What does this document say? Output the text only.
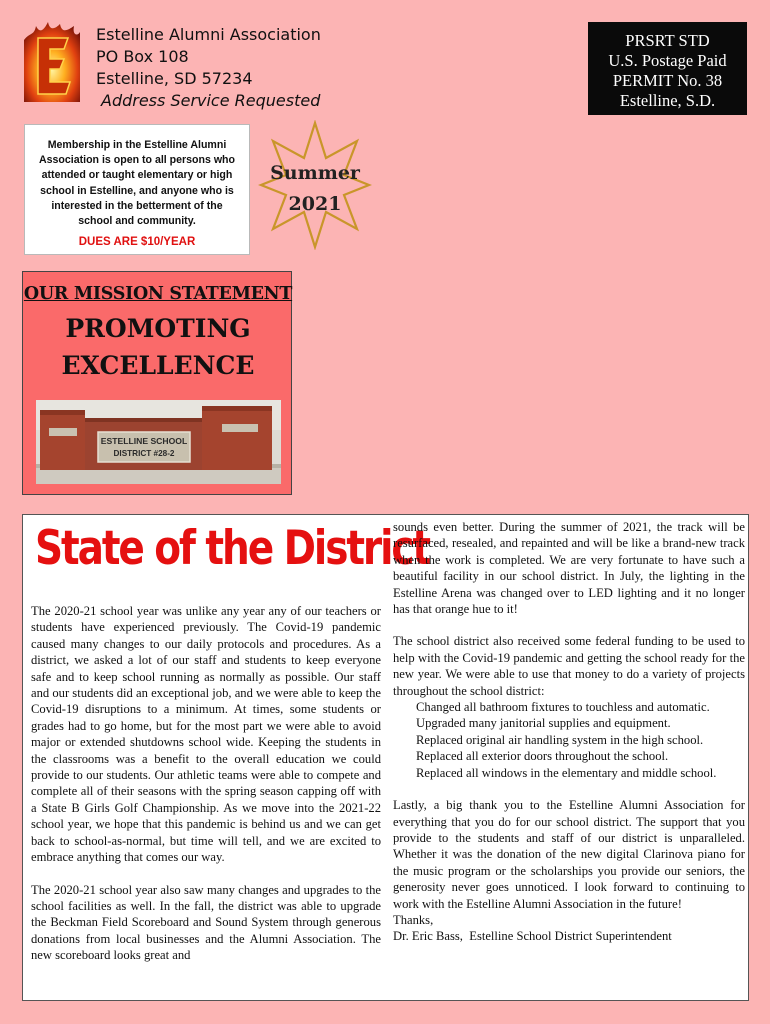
Estelline Alumni Association
PO Box 108
Estelline, SD 57234
Address Service Requested
PRSRT STD
U.S. Postage Paid
PERMIT No. 38
Estelline, S.D.
Membership in the Estelline Alumni Association is open to all persons who attended or taught elementary or high school in Estelline, and anyone who is interested in the betterment of the school and community.
DUES ARE $10/YEAR
Summer
2021
OUR MISSION STATEMENT
PROMOTING
EXCELLENCE
ESTELLINE SCHOOL
DISTRICT #28-2
State of the District

The 2020-21 school year was unlike any year any of our teachers or students have experienced previously. The Covid-19 pandemic caused many changes to our daily protocols and procedures. As a district, we asked a lot of our staff and students to keep everyone safe and to keep school running as normally as possible. Our staff and our students did an exceptional job, and we were able to keep the Covid-19 disruptions to a minimum. At times, some students or grades had to go home, but for the most part we were able to avoid major or extended shutdowns school wide. Keeping the students in the classrooms was a benefit to the overall education we could provide to our students. Our athletic teams were able to compete and complete all of their seasons with the spring season capping off with a State B Girls Golf Championship. As we move into the 2021-22 school year, we hope that this pandemic is behind us and we can get back to school-as-normal, but time will tell, and we are excited to embrace anything that comes our way.

The 2020-21 school year also saw many changes and upgrades to the school facilities as well. In the fall, the district was able to upgrade the Beckman Field Scoreboard and Sound System through generous donations from local businesses and the Alumni Association. The new scoreboard looks great and

sounds even better. During the summer of 2021, the track will be resurfaced, resealed, and repainted and will be like a brand-new track when the work is completed. We are very fortunate to have such a beautiful facility in our school district. In July, the lighting in the Estelline Arena was changed over to LED lighting and it no longer has that orange hue to it!

The school district also received some federal funding to be used to help with the Covid-19 pandemic and getting the school ready for the new year. We were able to use that money to do a variety of projects throughout the school district:

Changed all bathroom fixtures to touchless and automatic.
Upgraded many janitorial supplies and equipment.
Replaced original air handling system in the high school.
Replaced all exterior doors throughout the school.
Replaced all windows in the elementary and middle school.

Lastly, a big thank you to the Estelline Alumni Association for everything that you do for our school district. The support that you provide to the students and staff of our district is unparalleled. Whether it was the donation of the new digital Clarinova piano for the music program or the scholarships you provide our seniors, the generosity never goes unnoticed. I look forward to continuing to work with the Estelline Alumni Association in the future!

Thanks,

Dr. Eric Bass,  Estelline School District Superintendent
